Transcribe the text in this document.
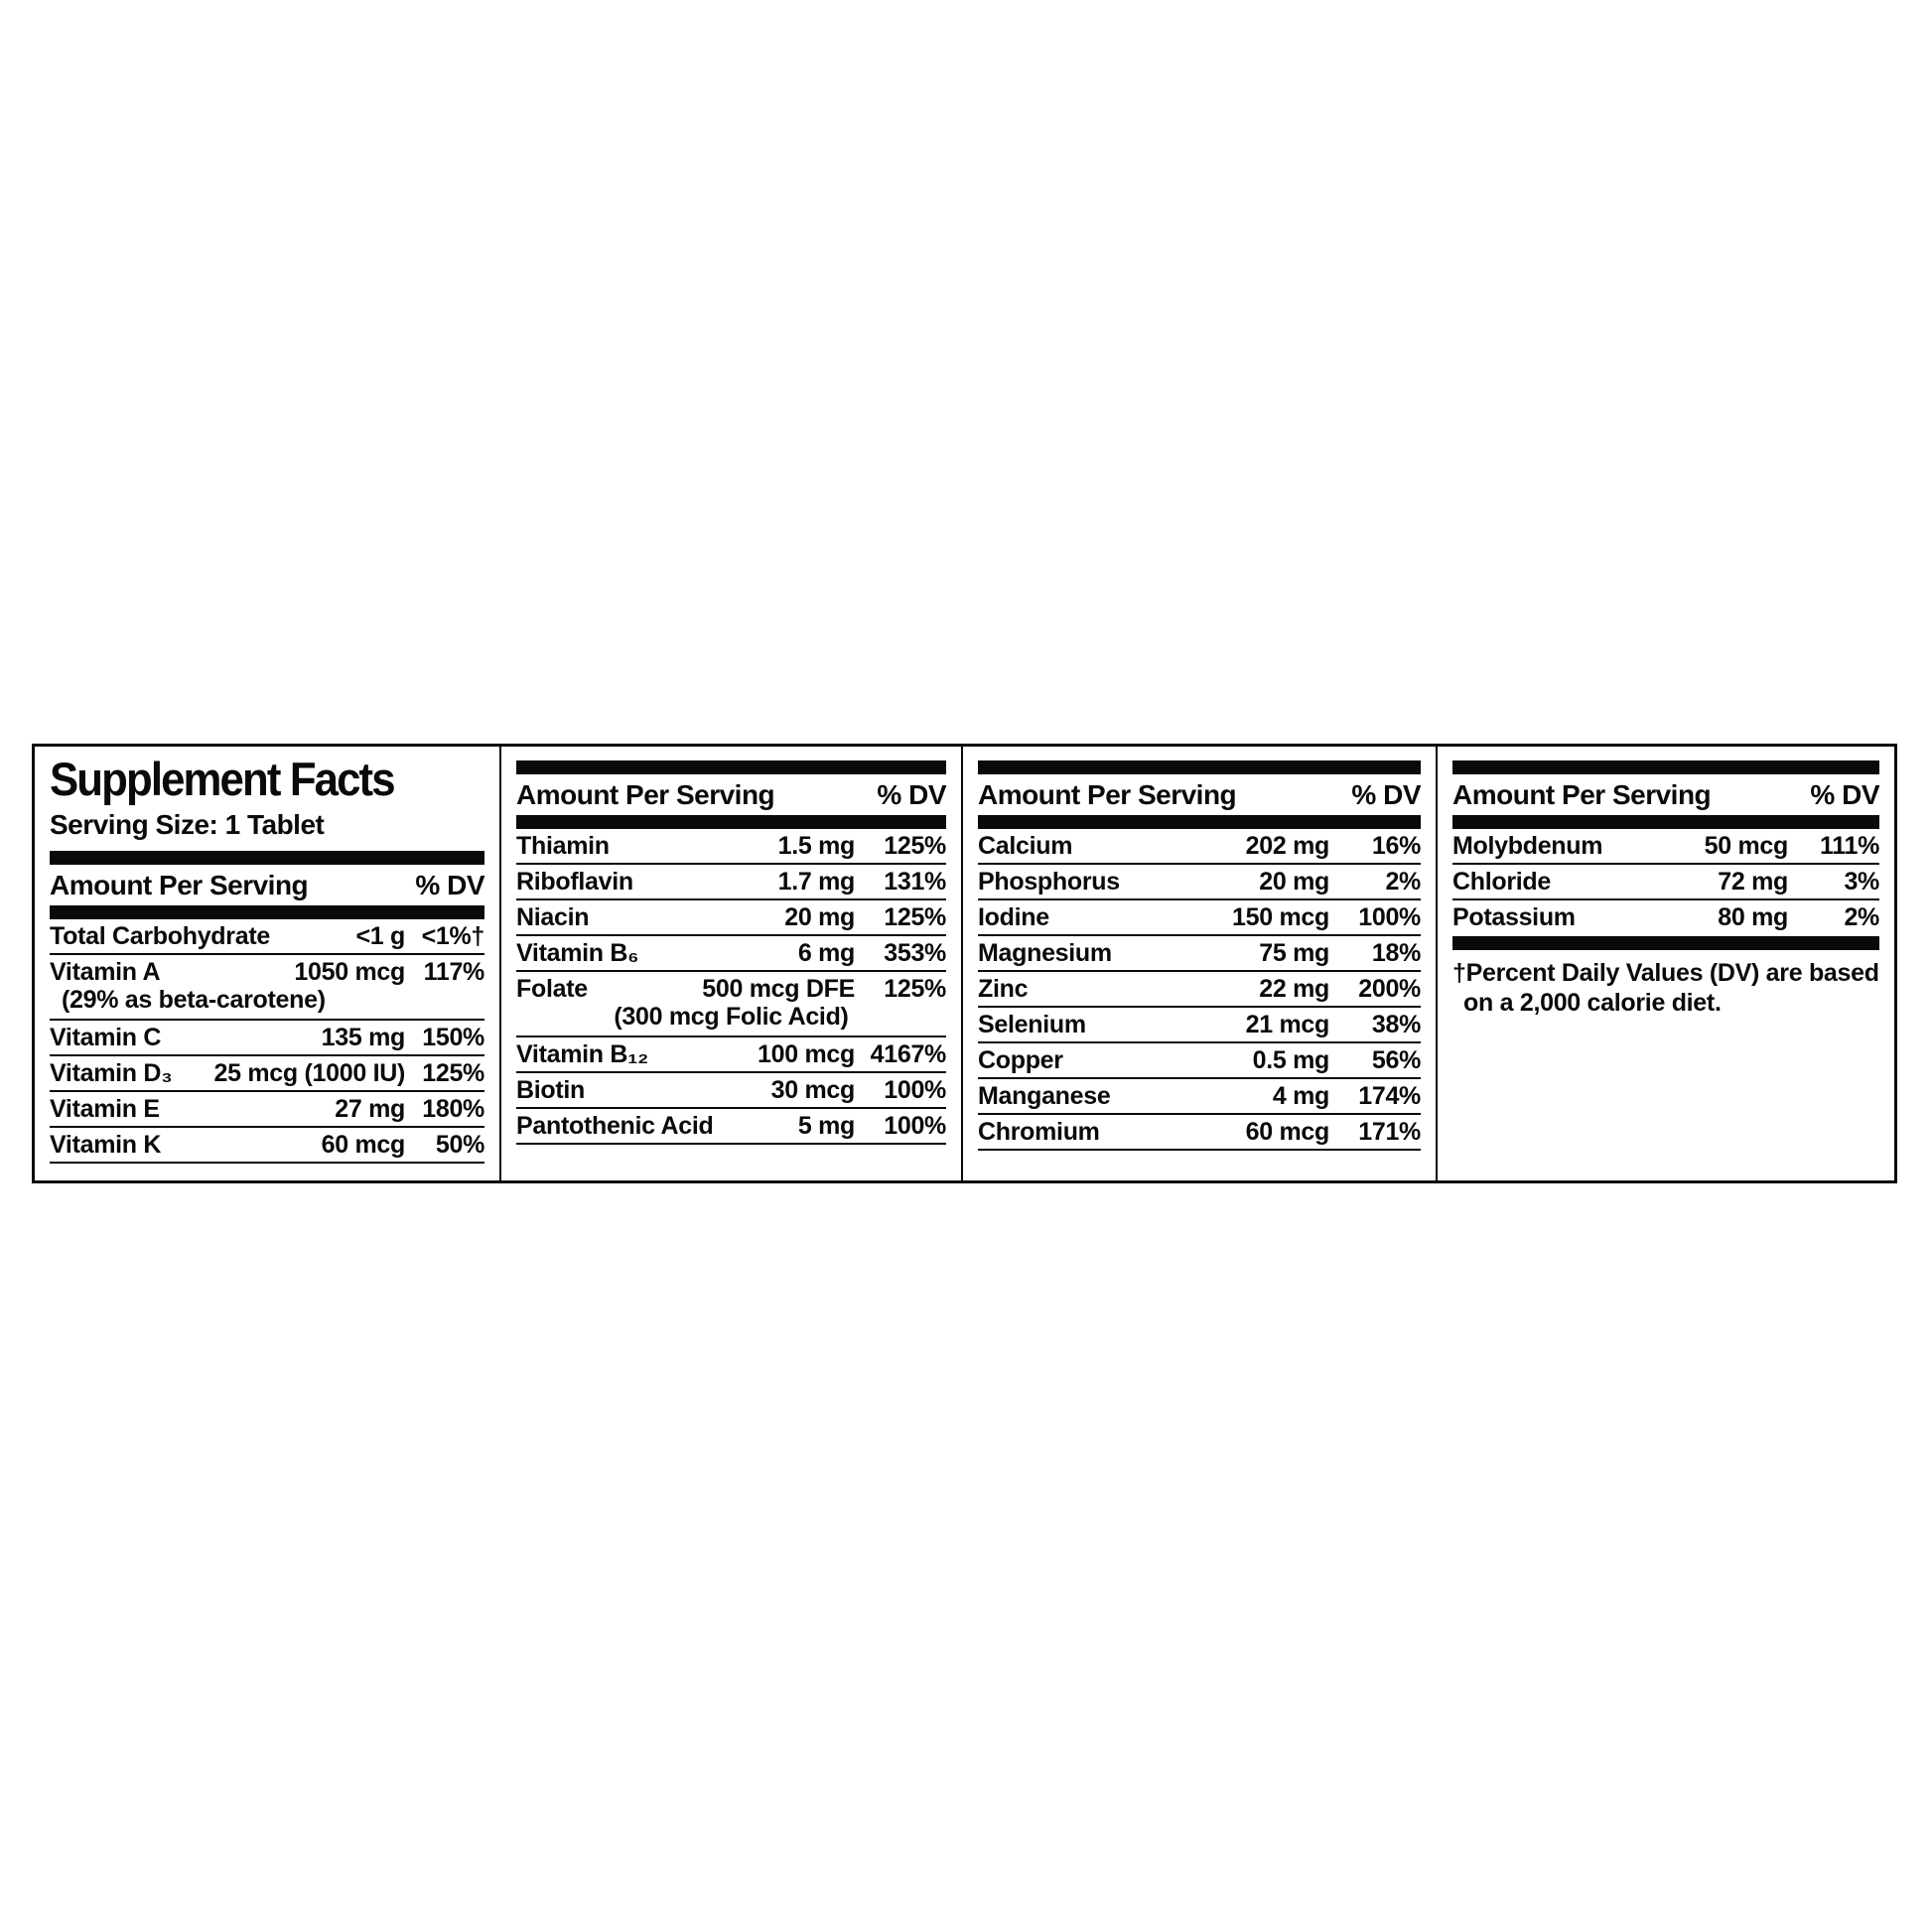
Supplement Facts
Serving Size: 1 Tablet
Amount Per Serving	% DV
Total Carbohydrate	<1 g <1%†
Vitamin A	1050 mcg 117%
(29% as beta-carotene)
Vitamin C	135 mg 150%
Vitamin D₃	25 mcg (1000 IU) 125%
Vitamin E	27 mg 180%
Vitamin K	60 mcg	50%
Amount Per Serving	% DV
Thiamin	1.5 mg	125%
Riboflavin	1.7 mg	131%
Niacin	20 mg	125%
Vitamin B₆	6 mg	353%
Folate	500 mcg DFE	125%
(300 mcg Folic Acid)
Vitamin B₁₂	100 mcg 4167%
Biotin	30 mcg	100%
Pantothenic Acid	5 mg	100%
Amount Per Serving	% DV
Calcium	202 mg	16%
Phosphorus	20 mg	2%
Iodine	150 mcg	100%
Magnesium	75 mg	18%
Zinc	22 mg	200%
Selenium	21 mcg	38%
Copper	0.5 mg	56%
Manganese	4 mg	174%
Chromium	60 mcg	171%
Amount Per Serving	% DV
Molybdenum	50 mcg	111%
Chloride	72 mg	3%
Potassium	80 mg	2%
†Percent Daily Values (DV) are based on a 2,000 calorie diet.
